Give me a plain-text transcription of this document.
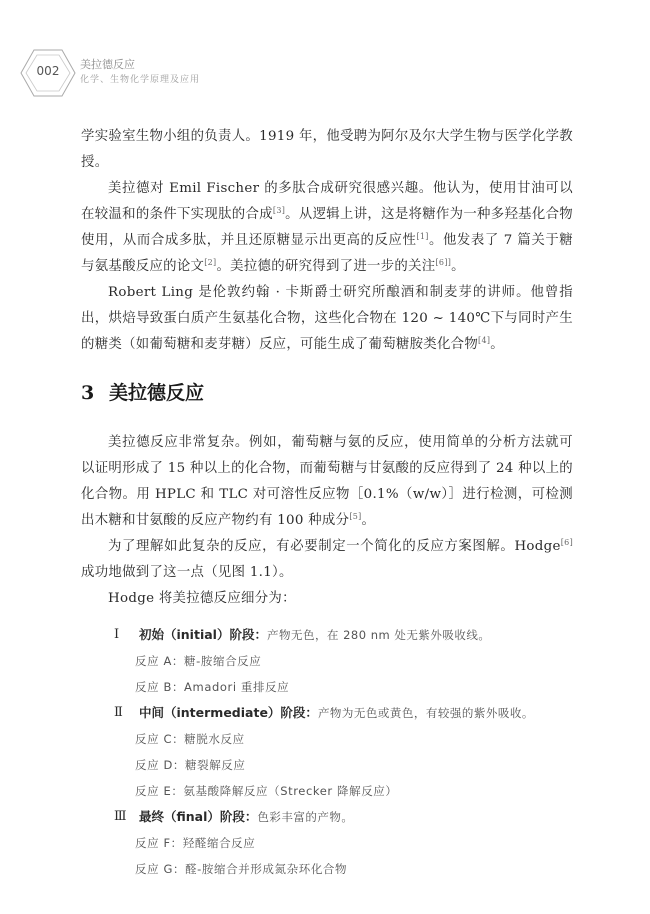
002	美拉德反应
化学、生物化学原理及应用

学实验室生物小组的负责人。1919 年，他受聘为阿尔及尔大学生物与医学化学教授。

美拉德对 Emil Fischer 的多肽合成研究很感兴趣。他认为，使用甘油可以在较温和的条件下实现肽的合成[3]。从逻辑上讲，这是将糖作为一种多羟基化合物使用，从而合成多肽，并且还原糖显示出更高的反应性[1]。他发表了 7 篇关于糖与氨基酸反应的论文[2]。美拉德的研究得到了进一步的关注[6]]。

Robert Ling 是伦敦约翰 · 卡斯爵士研究所酿酒和制麦芽的讲师。他曾指出，烘焙导致蛋白质产生氨基化合物，这些化合物在 120 ~ 140℃下与同时产生的糖类（如葡萄糖和麦芽糖）反应，可能生成了葡萄糖胺类化合物[4]。

3 美拉德反应

美拉德反应非常复杂。例如，葡萄糖与氨的反应，使用简单的分析方法就可以证明形成了 15 种以上的化合物，而葡萄糖与甘氨酸的反应得到了 24 种以上的化合物。用 HPLC 和 TLC 对可溶性反应物［0.1%（w/w）］进行检测，可检测出木糖和甘氨酸的反应产物约有 100 种成分[5]。

为了理解如此复杂的反应，有必要制定一个简化的反应方案图解。Hodge[6]成功地做到了这一点（见图 1.1）。

Hodge 将美拉德反应细分为：

Ⅰ 初始（initial）阶段：产物无色，在 280 nm 处无紫外吸收线。
反应 A：糖-胺缩合反应
反应 B：Amadori 重排反应
Ⅱ 中间（intermediate）阶段：产物为无色或黄色，有较强的紫外吸收。
反应 C：糖脱水反应
反应 D：糖裂解反应
反应 E：氨基酸降解反应（Strecker 降解反应）
Ⅲ 最终（final）阶段：色彩丰富的产物。
反应 F：羟醛缩合反应
反应 G：醛-胺缩合并形成氮杂环化合物
